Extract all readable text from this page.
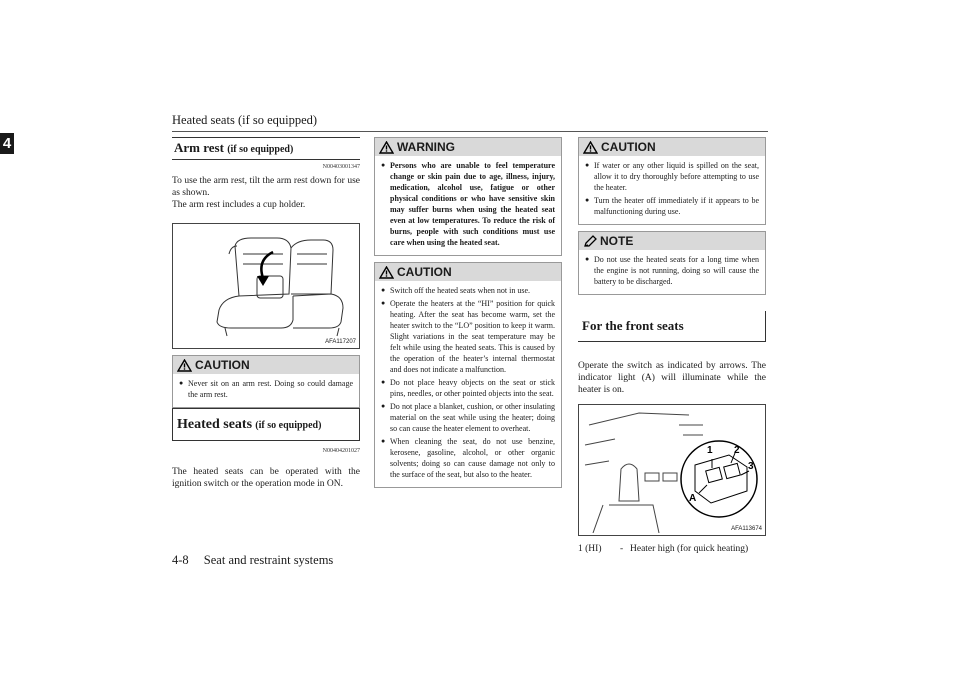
Heated seats (if so equipped)
4	Arm rest (if so equipped)
N00403001347

To use the arm rest, tilt the arm rest down for use as shown.
The arm rest includes a cup holder.

AFA117207
CAUTION
● Never sit on an arm rest. Doing so could damage the arm rest.
Heated seats (if so equipped)
N00404201027

The heated seats can be operated with the ignition switch or the operation mode in ON.

WARNING
● Persons who are unable to feel temperature change or skin pain due to age, illness, injury, medication, alcohol use, fatigue or other physical conditions or who have sensitive skin may suffer burns when using the heated seat even at low temperatures. To reduce the risk of burns, people with such conditions must use care when using the heated seat.
CAUTION
● Switch off the heated seats when not in use.
● Operate the heaters at the “HI” position for quick heating. After the seat has become warm, set the heater switch to the “LO” position to keep it warm. Slight variations in the seat temperature may be felt while using the heated seats. This is caused by the operation of the heater’s internal thermostat and does not indicate a malfunction.
● Do not place heavy objects on the seat or stick pins, needles, or other pointed objects into the seat.
● Do not place a blanket, cushion, or other insulating material on the seat while using the heater; doing so can cause the heater element to overheat.
● When cleaning the seat, do not use benzine, kerosene, gasoline, alcohol, or other organic solvents; doing so can cause damage not only to the surface of the seat, but also to the heater.
CAUTION
● If water or any other liquid is spilled on the seat, allow it to dry thoroughly before attempting to use the heater.
● Turn the heater off immediately if it appears to be malfunctioning during use.
NOTE
● Do not use the heated seats for a long time when the engine is not running, doing so will cause the battery to be discharged.
For the front seats

Operate the switch as indicated by arrows. The indicator light (A) will illuminate while the heater is on.

1 2
3
A
AFA113674
1 (HI)	- Heater high (for quick heating)
4-8 Seat and restraint systems
